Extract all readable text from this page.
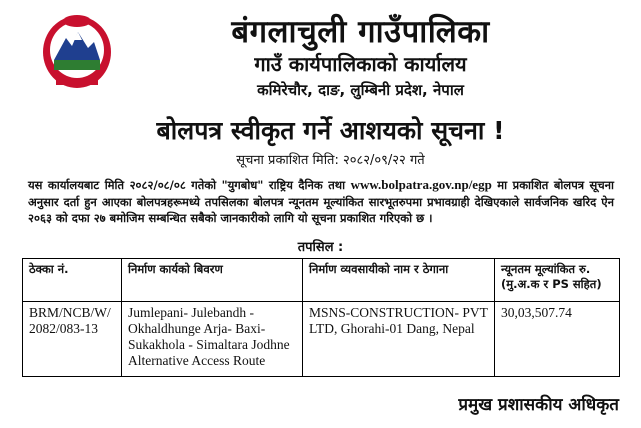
बंगलाचुली गाउँपालिका
गाउँ कार्यपालिकाको कार्यालय
कमिरेचौर, दाङ, लुम्बिनी प्रदेश, नेपाल
बोलपत्र स्वीकृत गर्ने आशयको सूचना !
सूचना प्रकाशित मिति: २०८२/०९/२२ गते
यस कार्यालयबाट मिति २०८२/०८/०८ गतेको "युगबोध" राष्ट्रिय दैनिक तथा www.bolpatra.gov.np/egp मा प्रकाशित बोलपत्र सूचना अनुसार दर्ता हुन आएका बोलपत्रहरूमध्ये तपसिलका बोलपत्र न्यूनतम मूल्यांकित सारभूतरुपमा प्रभावग्राही देखिएकाले सार्वजनिक खरिद ऐन २०६३ को दफा २७ बमोजिम सम्बन्धित सबैको जानकारीको लागि यो सूचना प्रकाशित गरिएको छ ।
तपसिल :
ठेक्का नं.	निर्माण कार्यको बिवरण	निर्माण व्यवसायीको नाम र ठेगाना	न्यूनतम मूल्यांकित रु. (मु.अ.क र PS सहित)
BRM/NCB/W/ 2082/083-13	Jumlepani- Julebandh - Okhaldhunge Arja- Baxi- Sukakhola - Simaltara Jodhne Alternative Access Route	MSNS-CONSTRUCTION- PVT LTD, Ghorahi-01 Dang, Nepal	30,03,507.74
प्रमुख प्रशासकीय अधिकृत
